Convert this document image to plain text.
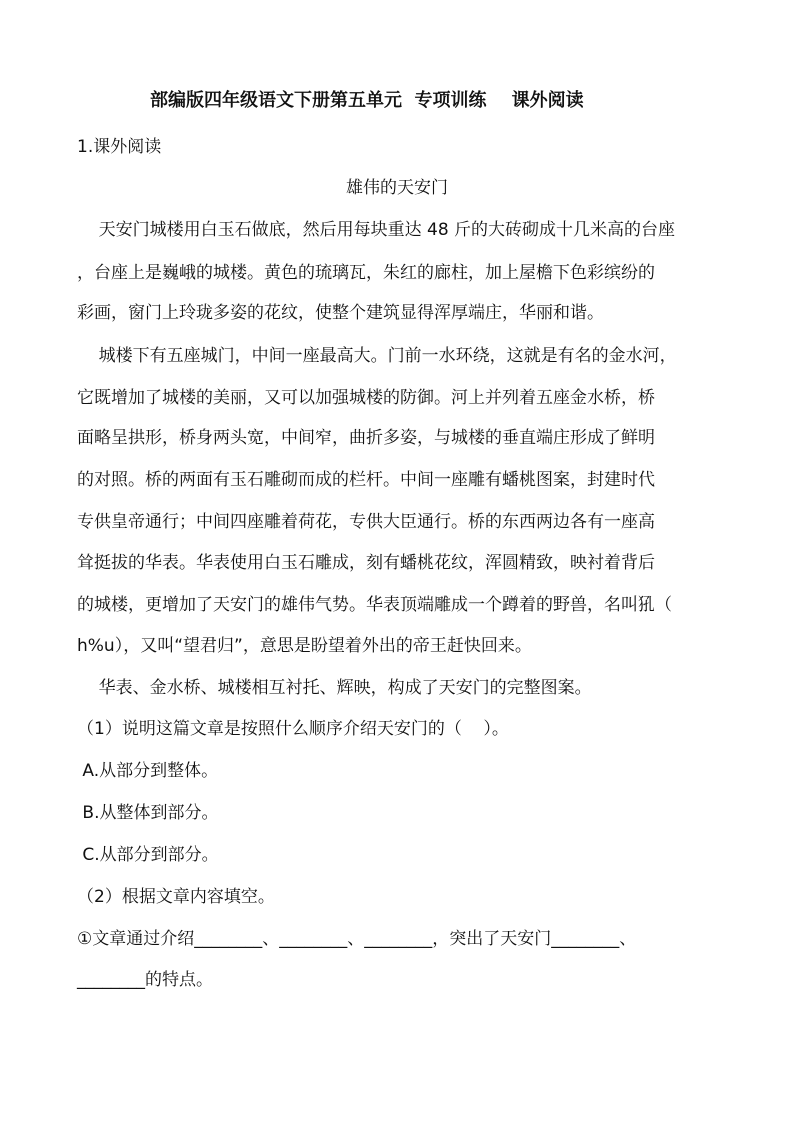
部编版四年级语文下册第五单元  专项训练    课外阅读
1.课外阅读
雄伟的天安门
天安门城楼用白玉石做底，然后用每块重达 48 斤的大砖砌成十几米高的台座
，台座上是巍峨的城楼。黄色的琉璃瓦，朱红的廊柱，加上屋檐下色彩缤纷的
彩画，窗门上玲珑多姿的花纹，使整个建筑显得浑厚端庄，华丽和谐。
城楼下有五座城门，中间一座最高大。门前一水环绕，这就是有名的金水河，
它既增加了城楼的美丽，又可以加强城楼的防御。河上并列着五座金水桥，桥
面略呈拱形，桥身两头宽，中间窄，曲折多姿，与城楼的垂直端庄形成了鲜明
的对照。桥的两面有玉石雕砌而成的栏杆。中间一座雕有蟠桃图案，封建时代
专供皇帝通行；中间四座雕着荷花，专供大臣通行。桥的东西两边各有一座高
耸挺拔的华表。华表使用白玉石雕成，刻有蟠桃花纹，浑圆精致，映衬着背后
的城楼，更增加了天安门的雄伟气势。华表顶端雕成一个蹲着的野兽，名叫犼（
h%u），又叫“望君归”，意思是盼望着外出的帝王赶快回来。
华表、金水桥、城楼相互衬托、辉映，构成了天安门的完整图案。
（1）说明这篇文章是按照什么顺序介绍天安门的（    ）。
A.从部分到整体。
B.从整体到部分。
C.从部分到部分。
（2）根据文章内容填空。
①文章通过介绍________、________、________，突出了天安门________、
________的特点。
